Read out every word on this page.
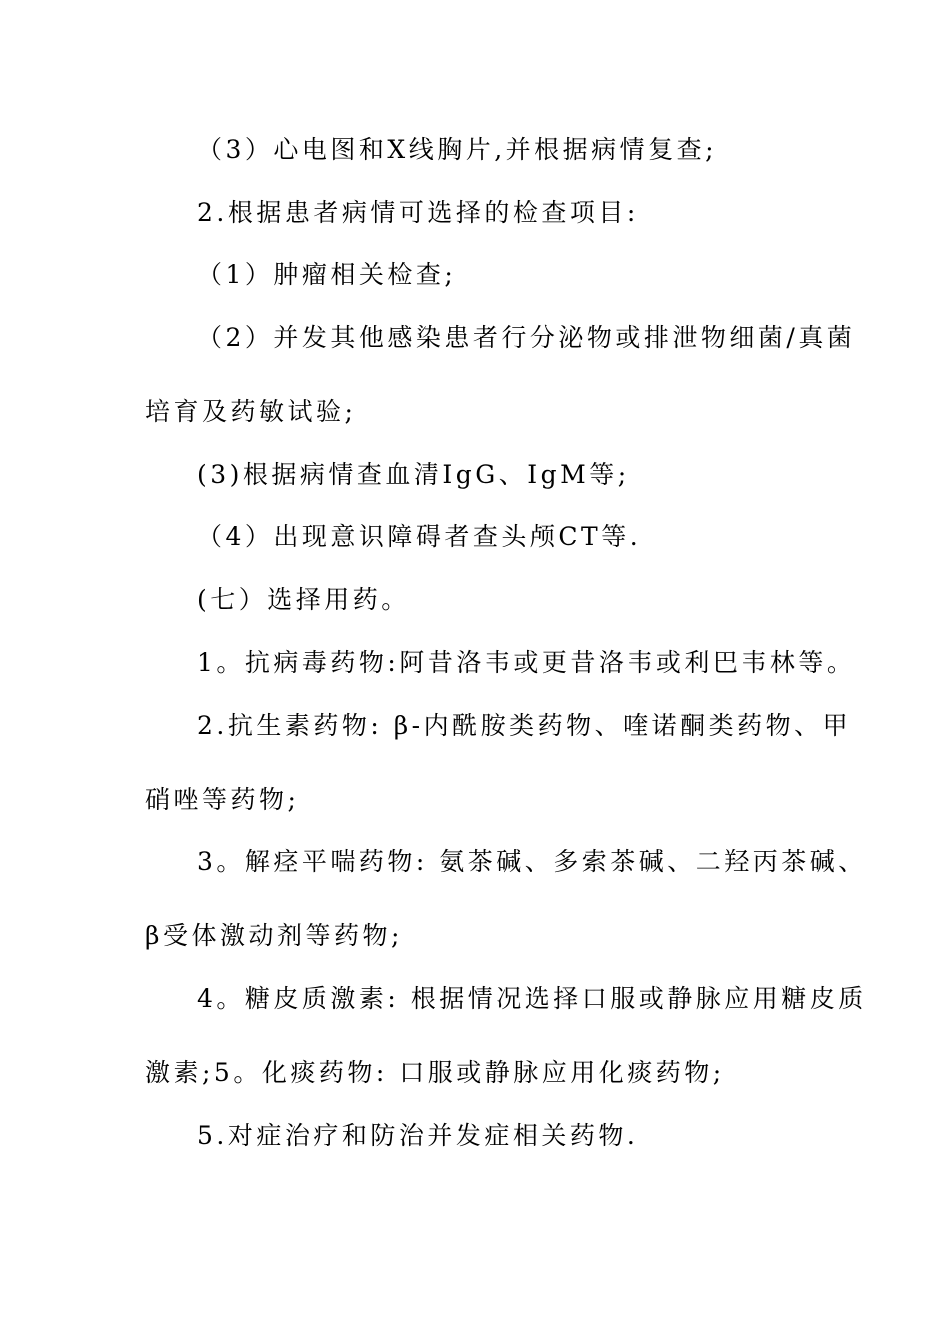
（3）心电图和X线胸片,并根据病情复查;
2.根据患者病情可选择的检查项目:
（1）肿瘤相关检查;
（2）并发其他感染患者行分泌物或排泄物细菌/真菌
培育及药敏试验;
(3)根据病情查血清IgG、IgM等;
（4）出现意识障碍者查头颅CT等.
(七）选择用药。
1。抗病毒药物:阿昔洛韦或更昔洛韦或利巴韦林等。
2.抗生素药物: β-内酰胺类药物、喹诺酮类药物、甲
硝唑等药物;
3。解痉平喘药物: 氨茶碱、多索茶碱、二羟丙茶碱、
β受体激动剂等药物;
4。糖皮质激素: 根据情况选择口服或静脉应用糖皮质
激素;5。化痰药物: 口服或静脉应用化痰药物;
5.对症治疗和防治并发症相关药物.
